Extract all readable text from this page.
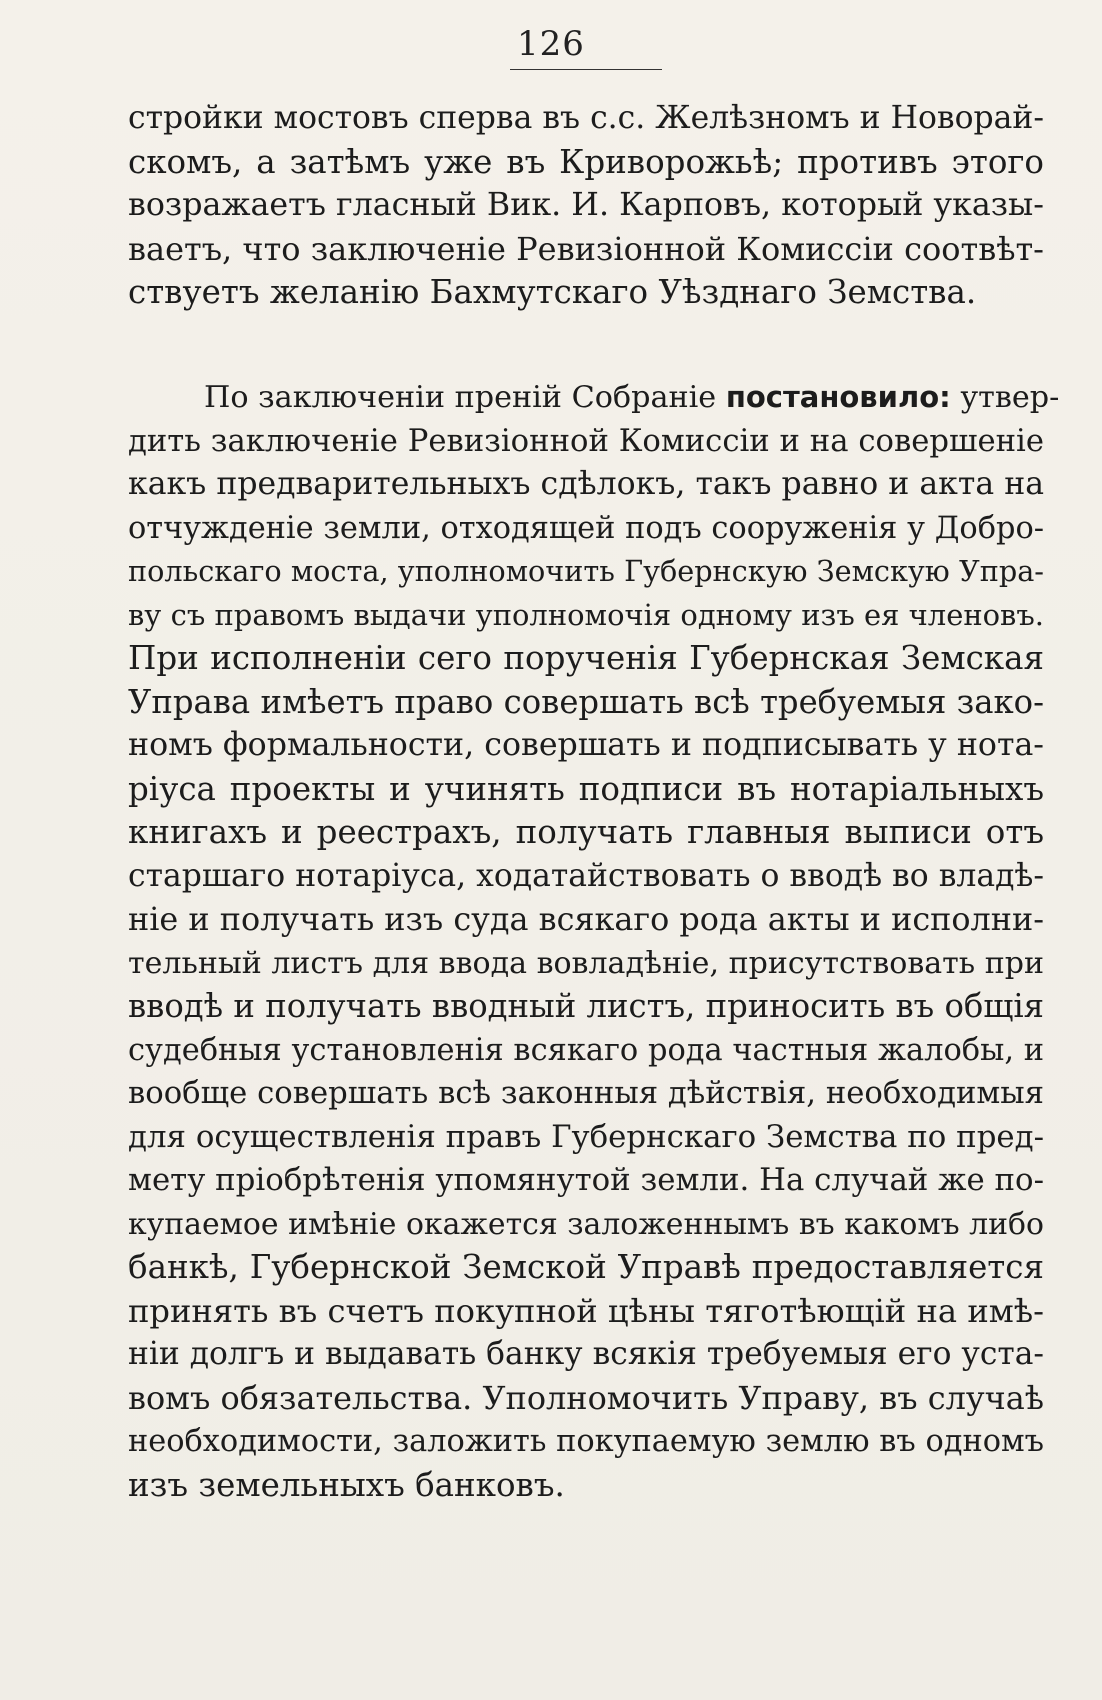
126
стройки мостовъ сперва въ с.с. Желѣзномъ и Новорай-
скомъ, а затѣмъ уже въ Криворожьѣ; противъ этого
возражаетъ гласный Вик. И. Карповъ, который указы-
ваетъ, что заключенiе Ревизiонной Комиссiи соотвѣт-
ствуетъ желанiю Бахмутскаго Уѣзднаго Земства.
По заключенiи пренiй Собранiе постановило: утвер-
дить заключенiе Ревизiонной Комиссiи и на совершенiе
какъ предварительныхъ сдѣлокъ, такъ равно и акта на
отчужденiе земли, отходящей подъ сооруженiя у Добро-
польскаго моста, уполномочить Губернскую Земскую Упра-
ву съ правомъ выдачи уполномочiя одному изъ ея членовъ.
При исполненiи сего порученiя Губернская Земская
Управа имѣетъ право совершать всѣ требуемыя зако-
номъ формальности, совершать и подписывать у нота-
рiуса проекты и учинять подписи въ нотарiальныхъ
книгахъ и реестрахъ, получать главныя выписи отъ
старшаго нотарiуса, ходатайствовать о вводѣ во владѣ-
нiе и получать изъ суда всякаго рода акты и исполни-
тельный листъ для ввода вовладѣнiе, присутствовать при
вводѣ и получать вводный листъ, приносить въ общiя
судебныя установленiя всякаго рода частныя жалобы, и
вообще совершать всѣ законныя дѣйствiя, необходимыя
для осуществленiя правъ Губернскаго Земства по пред-
мету прiобрѣтенiя упомянутой земли. На случай же по-
купаемое имѣнiе окажется заложеннымъ въ какомъ либо
банкѣ, Губернской Земской Управѣ предоставляется
принять въ счетъ покупной цѣны тяготѣющiй на имѣ-
нiи долгъ и выдавать банку всякiя требуемыя его уста-
вомъ обязательства. Уполномочить Управу, въ случаѣ
необходимости, заложить покупаемую землю въ одномъ
изъ земельныхъ банковъ.
